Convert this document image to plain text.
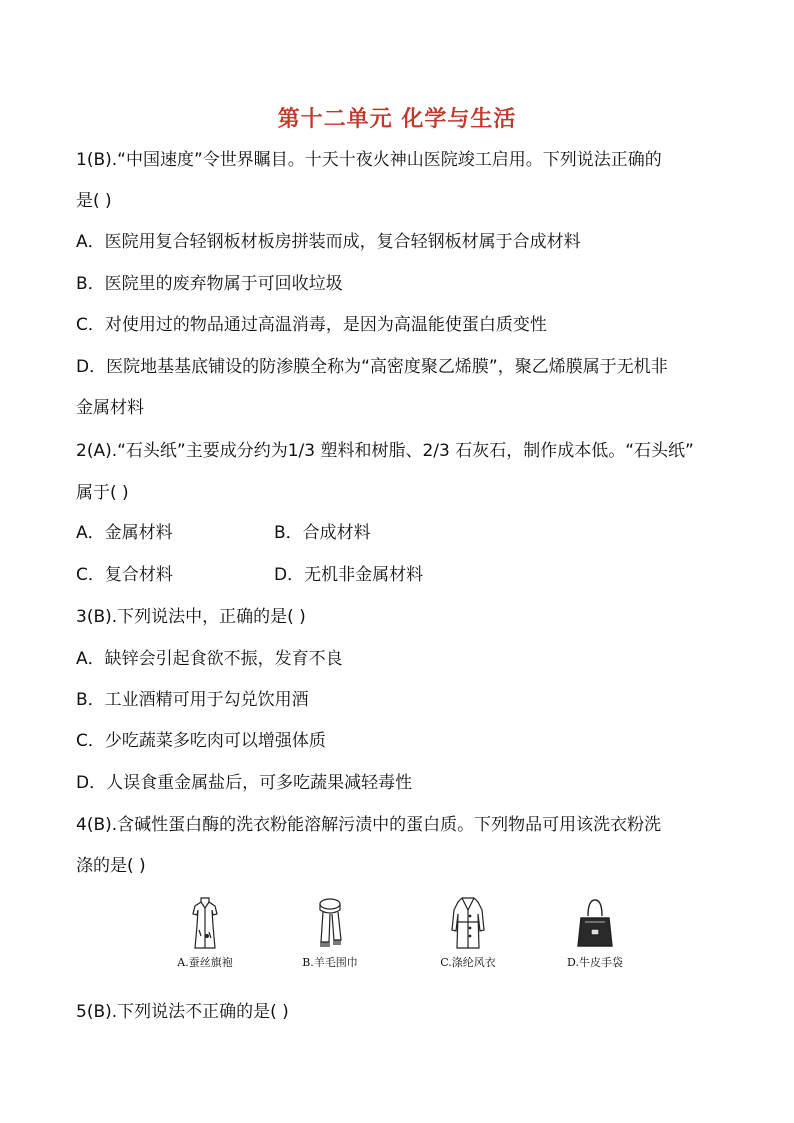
第十二单元 化学与生活
1(B).“中国速度”令世界瞩目。十天十夜火神山医院竣工启用。下列说法正确的
是( )
A．医院用复合轻钢板材板房拼装而成，复合轻钢板材属于合成材料
B．医院里的废弃物属于可回收垃圾
C．对使用过的物品通过高温消毒，是因为高温能使蛋白质变性
D．医院地基基底铺设的防渗膜全称为“高密度聚乙烯膜”，聚乙烯膜属于无机非
金属材料
2(A).“石头纸”主要成分约为1/3 塑料和树脂、2/3 石灰石，制作成本低。“石头纸”
属于( )
A．金属材料	B．合成材料
C．复合材料	D．无机非金属材料
3(B).下列说法中，正确的是( )
A．缺锌会引起食欲不振，发育不良
B．工业酒精可用于勾兑饮用酒
C．少吃蔬菜多吃肉可以增强体质
D．人误食重金属盐后，可多吃蔬果减轻毒性
4(B).含碱性蛋白酶的洗衣粉能溶解污渍中的蛋白质。下列物品可用该洗衣粉洗
涤的是( )
A.蚕丝旗袍	B.羊毛围巾	C.涤纶风衣	D.牛皮手袋
5(B).下列说法不正确的是( )
